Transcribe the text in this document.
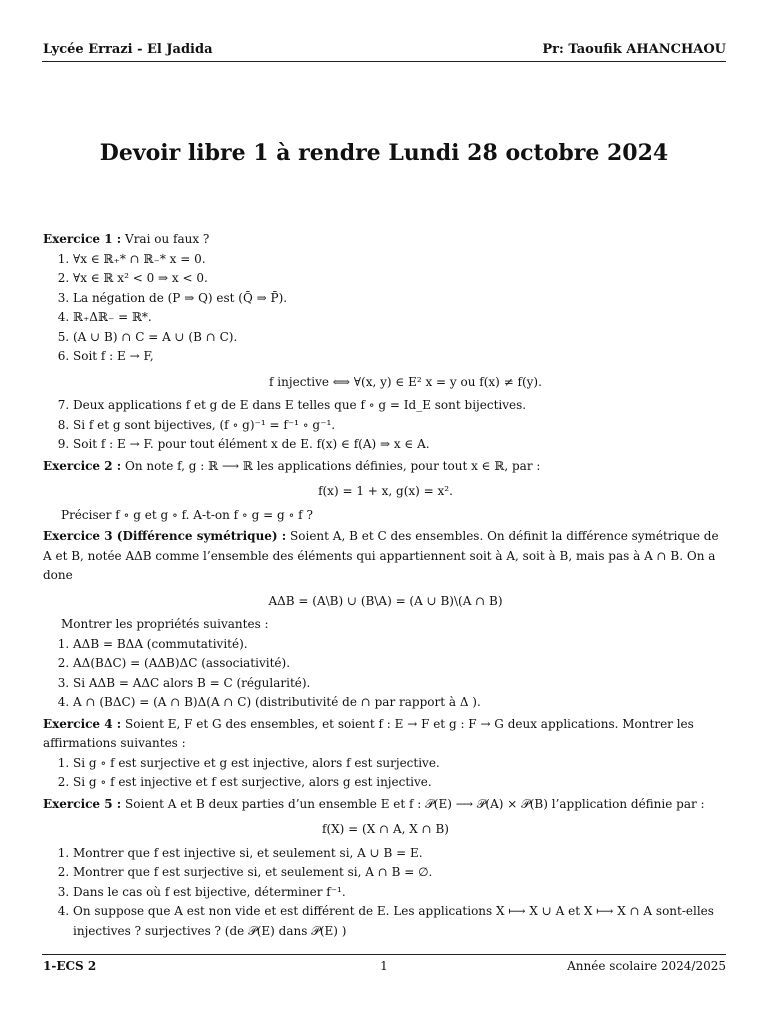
Lycée Errazi - El Jadida	Pr: Taoufik AHANCHAOU
Devoir libre 1 à rendre Lundi 28 octobre 2024
Exercice 1 : Vrai ou faux ?
1. ∀x ∈ ℝ₊* ∩ ℝ₋* x = 0.
2. ∀x ∈ ℝ x² < 0 ⇒ x < 0.
3. La négation de (P ⇒ Q) est (Q̄ ⇒ P̄).
4. ℝ₊Δℝ₋ = ℝ*.
5. (A ∪ B) ∩ C = A ∪ (B ∩ C).
6. Soit f : E → F,
f injective ⟺ ∀(x, y) ∈ E² x = y ou f(x) ≠ f(y).
7. Deux applications f et g de E dans E telles que f ∘ g = Id_E sont bijectives.
8. Si f et g sont bijectives, (f ∘ g)⁻¹ = f⁻¹ ∘ g⁻¹.
9. Soit f : E → F. pour tout élément x de E. f(x) ∈ f(A) ⇒ x ∈ A.
Exercice 2 : On note f, g : ℝ ⟶ ℝ les applications définies, pour tout x ∈ ℝ, par :
f(x) = 1 + x, g(x) = x².
Préciser f ∘ g et g ∘ f. A-t-on f ∘ g = g ∘ f ?
Exercice 3 (Différence symétrique) : Soient A, B et C des ensembles. On définit la différence symétrique de A et B, notée AΔB comme l’ensemble des éléments qui appartiennent soit à A, soit à B, mais pas à A ∩ B. On a done
AΔB = (A\B) ∪ (B\A) = (A ∪ B)\(A ∩ B)
Montrer les propriétés suivantes :
1. AΔB = BΔA (commutativité).
2. AΔ(BΔC) = (AΔB)ΔC (associativité).
3. Si AΔB = AΔC alors B = C (régularité).
4. A ∩ (BΔC) = (A ∩ B)Δ(A ∩ C) (distributivité de ∩ par rapport à Δ ).
Exercice 4 : Soient E, F et G des ensembles, et soient f : E → F et g : F → G deux applications. Montrer les affirmations suivantes :
1. Si g ∘ f est surjective et g est injective, alors f est surjective.
2. Si g ∘ f est injective et f est surjective, alors g est injective.
Exercice 5 : Soient A et B deux parties d’un ensemble E et f : 𝒫(E) ⟶ 𝒫(A) × 𝒫(B) l’application définie par :
f(X) = (X ∩ A, X ∩ B)
1. Montrer que f est injective si, et seulement si, A ∪ B = E.
2. Montrer que f est surjective si, et seulement si, A ∩ B = ∅.
3. Dans le cas où f est bijective, déterminer f⁻¹.
4. On suppose que A est non vide et est différent de E. Les applications X ⟼ X ∪ A et X ⟼ X ∩ A sont-elles injectives ? surjectives ? (de 𝒫(E) dans 𝒫(E) )
1-ECS 2	1	Année scolaire 2024/2025
